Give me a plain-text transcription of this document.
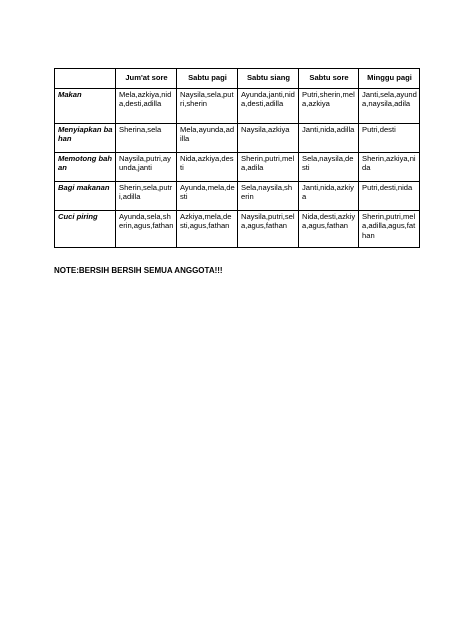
	Jum'at sore	Sabtu pagi	Sabtu siang	Sabtu sore	Minggu pagi
Makan	Mela,azkiya,nida,desti,adilla	Naysila,sela,putri,sherin	Ayunda,janti,nida,desti,adilla	Putri,sherin,mela,azkiya	Janti,sela,ayunda,naysila,adila
Menyiapkan bahan	Sherina,sela	Mela,ayunda,adilla	Naysila,azkiya	Janti,nida,adilla	Putri,desti
Memotong bahan	Naysila,putri,ayunda,janti	Nida,azkiya,desti	Sherin,putri,mela,adila	Sela,naysila,desti	Sherin,azkiya,nida
Bagi makanan	Sherin,sela,putri,adilla	Ayunda,mela,desti	Sela,naysila,sherin	Janti,nida,azkiya	Putri,desti,nida
Cuci piring	Ayunda,sela,sherin,agus,fathan	Azkiya,mela,desti,agus,fathan	Naysila,putri,sela,agus,fathan	Nida,desti,azkiya,agus,fathan	Sherin,putri,mela,adilla,agus,fathan
NOTE:BERSIH BERSIH SEMUA ANGGOTA!!!
